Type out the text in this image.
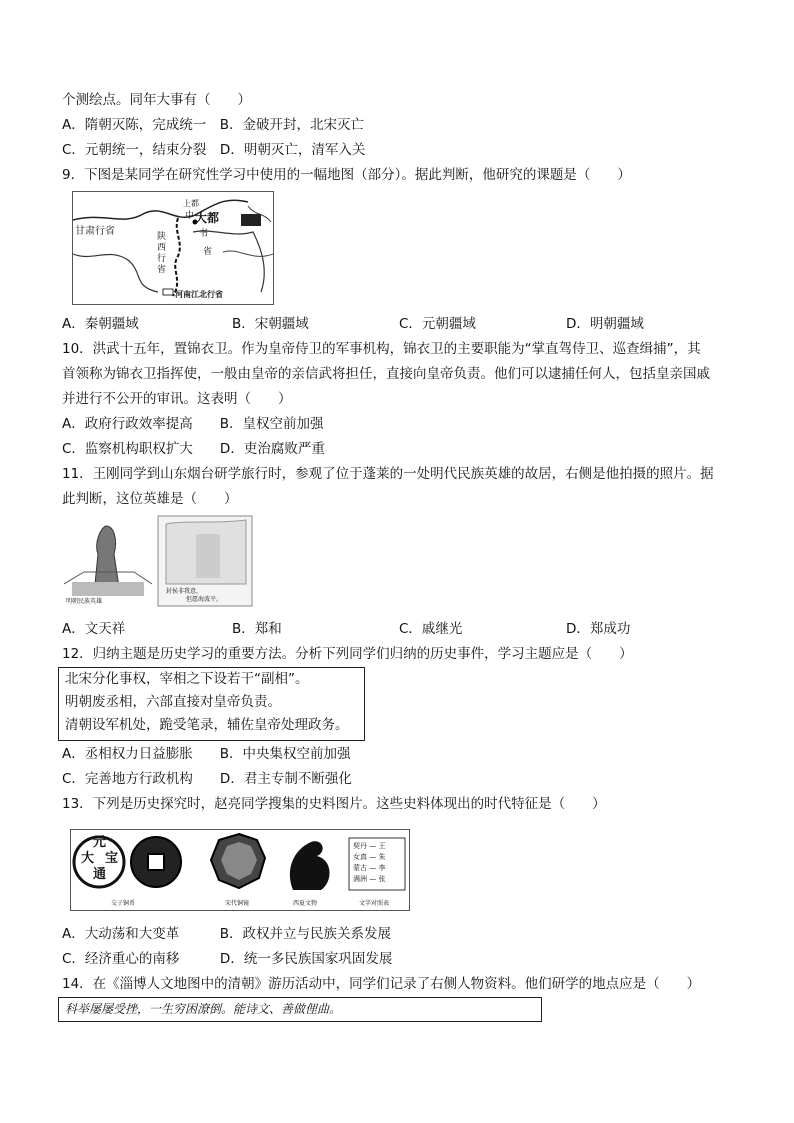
个测绘点。同年大事有（　　）
A．隋朝灭陈，完成统一　B．金破开封，北宋灭亡
C．元朝统一，结束分裂　D．明朝灭亡，清军入关
9．下图是某同学在研究性学习中使用的一幅地图（部分）。据此判断，他研究的课题是（　　）
甘肃行省
上都
中 大都
书
省
陕
西
行
省
河南江北行省
A．秦朝疆域	B．宋朝疆域	C．元朝疆域	D．明朝疆域
10．洪武十五年，置锦衣卫。作为皇帝侍卫的军事机构，锦衣卫的主要职能为“掌直驾侍卫、巡查缉捕”，其
首领称为锦衣卫指挥使，一般由皇帝的亲信武将担任，直接向皇帝负责。他们可以逮捕任何人，包括皇亲国戚
并进行不公开的审讯。这表明（　　）
A．政府行政效率提高　　B．皇权空前加强
C．监察机构职权扩大　　D．吏治腐败严重
11．王刚同学到山东烟台研学旅行时，参观了位于蓬莱的一处明代民族英雄的故居，右侧是他拍摄的照片。据
此判断，这位英雄是（　　）
明朝民族英雄
封侯非我意，
但愿海波平。
A．文天祥	B．郑和	C．戚继光	D．郑成功
12．归纳主题是历史学习的重要方法。分析下列同学们归纳的历史事件，学习主题应是（　　）
北宋分化事权，宰相之下设若干“副相”。
明朝废丞相，六部直接对皇帝负责。
清朝设军机处，跪受笔录，辅佐皇帝处理政务。
A．丞相权力日益膨胀　　B．中央集权空前加强
C．完善地方行政机构　　D．君主专制不断强化
13．下列是历史探究时，赵亮同学搜集的史料图片。这些史料体现出的时代特征是（　　）
元
大 宝
通
契丹 — 王
女真 — 朱
蒙古 — 李
满洲 — 张
交子铜币	宋代铜镜	西夏文物	文字对照表
A．大动荡和大变革　　　B．政权并立与民族关系发展
C．经济重心的南移　　　D．统一多民族国家巩固发展
14．在《淄博人文地图中的清朝》游历活动中，同学们记录了右侧人物资料。他们研学的地点应是（　　）
科举屡屡受挫，一生穷困潦倒。能诗文、善做俚曲。
